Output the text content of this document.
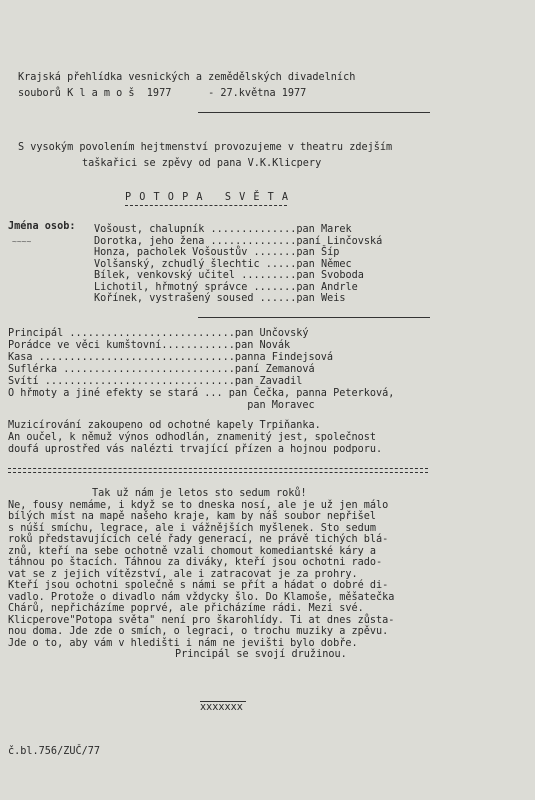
Krajská přehlídka vesnických a zemědělských divadelních
souborů K l a m o š  1977      - 27.května 1977
S vysokým povolením hejtmenství provozujeme v theatru zdejším
taškařici se zpěvy od pana V.K.Klicpery
P O T O P A   S V Ě T A
Jména osob:
~~~~
Vošoust, chalupník ..............pan Marek
Dorotka, jeho žena ..............paní Linčovská
Honza, pacholek Vošoustův .......pan Šíp
Volšanský, zchudlý šlechtic .....pan Němec
Bílek, venkovský učitel .........pan Svoboda
Lichotil, hřmotný správce .......pan Andrle
Kořínek, vystrašený soused ......pan Weis
Principál ...........................pan Unčovský
Porádce ve věci kumštovní............pan Novák
Kasa ................................panna Findejsová
Suflérka ............................paní Zemanová
Svítí ...............................pan Zavadil
O hřmoty a jiné efekty se stará ... pan Čečka, panna Peterková,
pan Moravec
Muzicírování zakoupeno od ochotné kapely Trpiňanka.
An oučel, k němuž výnos odhodlán, znamenitý jest, společnost
doufá uprostřed vás nalézti trvající přízen a hojnou podporu.
Tak už nám je letos sto sedum roků!
Ne, fousy nemáme, i když se to dneska nosí, ale je už jen málo
bílých míst na mapě našeho kraje, kam by náš soubor nepřišel
s núší smíchu, legrace, ale i vážnějších myšlenek. Sto sedum
roků představujících celé řady generací, ne právě tichých blá-
znů, kteří na sebe ochotně vzali chomout komediantské káry a
táhnou po štacích. Táhnou za diváky, kteří jsou ochotni rado-
vat se z jejich vítězství, ale i zatracovat je za prohry.
Kteří jsou ochotni společně s námi se přít a hádat o dobré di-
vadlo. Protože o divadlo nám vždycky šlo. Do Klamoše, měšatečka
Chárů, nepřicházíme poprvé, ale přicházíme rádi. Mezi své.
Klicperove"Potopa světa" není pro škarohlídy. Ti at dnes zůsta-
nou doma. Jde zde o smích, o legraci, o trochu muziky a zpěvu.
Jde o to, aby vám v hledišti i nám ne jevišti bylo dobře.
Principál se svojí družinou.
xxxxxxx
č.bl.756/ZUČ/77
